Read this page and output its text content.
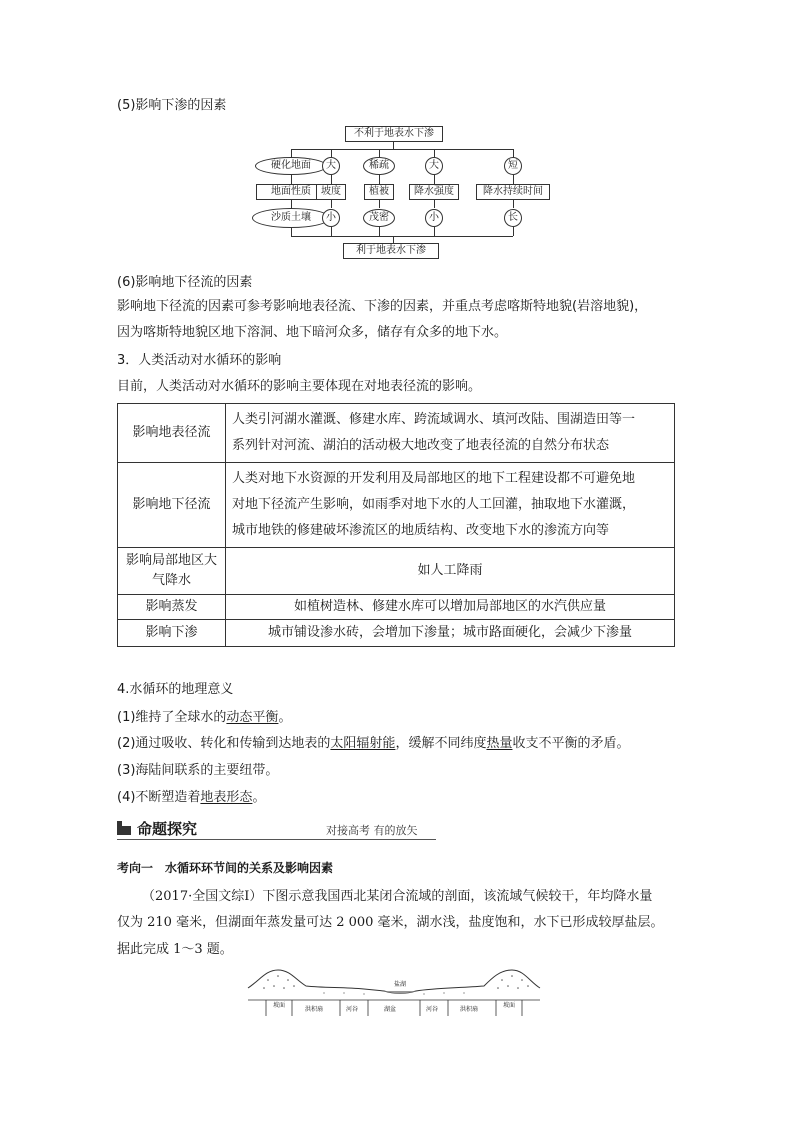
(5)影响下渗的因素
不利于地表水下渗
硬化地面	大	稀疏	大	短
地面性质	坡度	植被	降水强度	降水持续时间
沙质土壤	小	茂密	小	长
利于地表水下渗
(6)影响地下径流的因素
影响地下径流的因素可参考影响地表径流、下渗的因素，并重点考虑喀斯特地貌(岩溶地貌)，
因为喀斯特地貌区地下溶洞、地下暗河众多，储存有众多的地下水。
3．人类活动对水循环的影响
目前，人类活动对水循环的影响主要体现在对地表径流的影响。
影响地表径流	人类引河湖水灌溉、修建水库、跨流域调水、填河改陆、围湖造田等一
系列针对河流、湖泊的活动极大地改变了地表径流的自然分布状态

影响地下径流	人类对地下水资源的开发利用及局部地区的地下工程建设都不可避免地
对地下径流产生影响，如雨季对地下水的人工回灌，抽取地下水灌溉，
城市地铁的修建破坏渗流区的地质结构、改变地下水的渗流方向等

影响局部地区大气降水	如人工降雨
影响蒸发	如植树造林、修建水库可以增加局部地区的水汽供应量
影响下渗	城市铺设渗水砖，会增加下渗量；城市路面硬化，会减少下渗量
4.水循环的地理意义
(1)维持了全球水的动态平衡。
(2)通过吸收、转化和传输到达地表的太阳辐射能，缓解不同纬度热量收支不平衡的矛盾。
(3)海陆间联系的主要纽带。
(4)不断塑造着地表形态。
命题探究	对接高考 有的放矢
考向一　水循环环节间的关系及影响因素
（2017·全国文综Ⅰ）下图示意我国西北某闭合流域的剖面，该流域气候较干，年均降水量
仅为 210 毫米，但湖面年蒸发量可达 2 000 毫米，湖水浅，盐度饱和，水下已形成较厚盐层。
据此完成 1～3 题。
盐湖
坡面
洪积扇	河谷	湖盆	河谷	洪积扇
坡面
